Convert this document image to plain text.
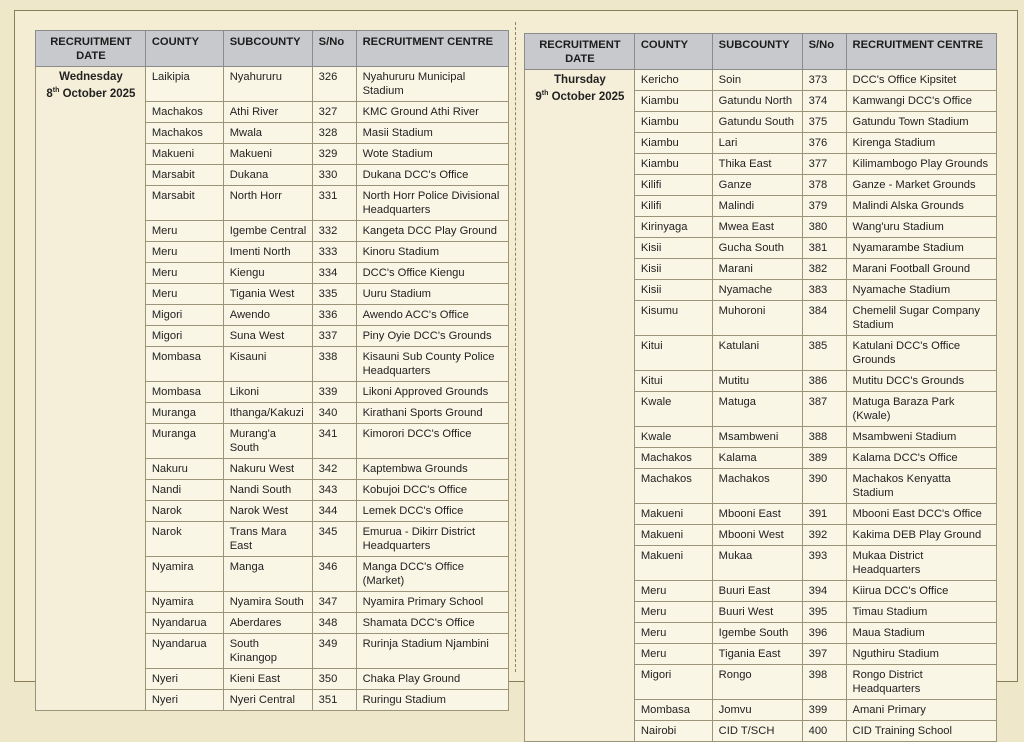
RECRUITMENT DATE	COUNTY	SUBCOUNTY	S/No	RECRUITMENT CENTRE
Wednesday
8th October 2025	Laikipia	Nyahururu	326	Nyahururu Municipal Stadium
	Machakos	Athi River	327	KMC Ground Athi River
	Machakos	Mwala	328	Masii Stadium
	Makueni	Makueni	329	Wote Stadium
	Marsabit	Dukana	330	Dukana DCC's Office
	Marsabit	North Horr	331	North Horr Police Divisional Headquarters
	Meru	Igembe Central	332	Kangeta DCC Play Ground
	Meru	Imenti North	333	Kinoru Stadium
	Meru	Kiengu	334	DCC's Office Kiengu
	Meru	Tigania West	335	Uuru Stadium
	Migori	Awendo	336	Awendo ACC's Office
	Migori	Suna West	337	Piny Oyie DCC's Grounds
	Mombasa	Kisauni	338	Kisauni Sub County Police Headquarters
	Mombasa	Likoni	339	Likoni Approved Grounds
	Muranga	Ithanga/Kakuzi	340	Kirathani Sports Ground
	Muranga	Murang'a South	341	Kimorori DCC's Office
	Nakuru	Nakuru West	342	Kaptembwa Grounds
	Nandi	Nandi South	343	Kobujoi DCC's Office
	Narok	Narok West	344	Lemek DCC's Office
	Narok	Trans Mara East	345	Emurua - Dikirr District Headquarters
	Nyamira	Manga	346	Manga DCC's Office (Market)
	Nyamira	Nyamira South	347	Nyamira Primary School
	Nyandarua	Aberdares	348	Shamata DCC's Office
	Nyandarua	South Kinangop	349	Rurinja Stadium Njambini
	Nyeri	Kieni East	350	Chaka Play Ground
	Nyeri	Nyeri Central	351	Ruringu Stadium
RECRUITMENT DATE	COUNTY	SUBCOUNTY	S/No	RECRUITMENT CENTRE
Thursday
9th October 2025	Kericho	Soin	373	DCC's Office Kipsitet
	Kiambu	Gatundu North	374	Kamwangi DCC's Office
	Kiambu	Gatundu South	375	Gatundu Town Stadium
	Kiambu	Lari	376	Kirenga Stadium
	Kiambu	Thika East	377	Kilimambogo Play Grounds
	Kilifi	Ganze	378	Ganze - Market Grounds
	Kilifi	Malindi	379	Malindi Alska Grounds
	Kirinyaga	Mwea East	380	Wang'uru Stadium
	Kisii	Gucha South	381	Nyamarambe Stadium
	Kisii	Marani	382	Marani Football Ground
	Kisii	Nyamache	383	Nyamache Stadium
	Kisumu	Muhoroni	384	Chemelil Sugar Company Stadium
	Kitui	Katulani	385	Katulani DCC's Office Grounds
	Kitui	Mutitu	386	Mutitu DCC's Grounds
	Kwale	Matuga	387	Matuga Baraza Park (Kwale)
	Kwale	Msambweni	388	Msambweni Stadium
	Machakos	Kalama	389	Kalama DCC's Office
	Machakos	Machakos	390	Machakos Kenyatta Stadium
	Makueni	Mbooni East	391	Mbooni East DCC's Office
	Makueni	Mbooni West	392	Kakima DEB Play Ground
	Makueni	Mukaa	393	Mukaa District Headquarters
	Meru	Buuri East	394	Kiirua DCC's Office
	Meru	Buuri West	395	Timau Stadium
	Meru	Igembe South	396	Maua Stadium
	Meru	Tigania East	397	Nguthiru Stadium
	Migori	Rongo	398	Rongo District Headquarters
	Mombasa	Jomvu	399	Amani Primary
	Nairobi	CID T/SCH	400	CID Training School
